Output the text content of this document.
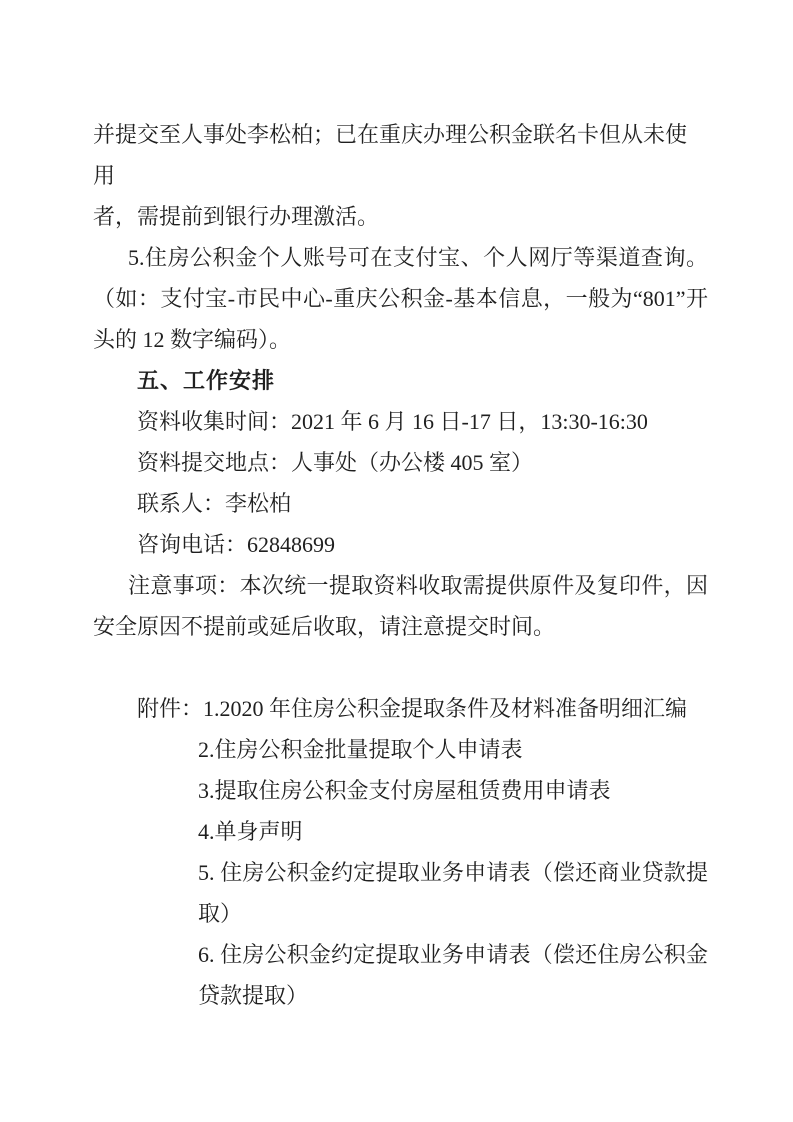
并提交至人事处李松柏；已在重庆办理公积金联名卡但从未使用

者，需提前到银行办理激活。

5.住房公积金个人账号可在支付宝、个人网厅等渠道查询。

（如：支付宝-市民中心-重庆公积金-基本信息，一般为“801”开

头的 12 数字编码）。

五、工作安排

资料收集时间：2021 年 6 月 16 日-17 日，13:30-16:30

资料提交地点：人事处（办公楼 405 室）

联系人：李松柏

咨询电话：62848699

注意事项：本次统一提取资料收取需提供原件及复印件，因

安全原因不提前或延后收取，请注意提交时间。

附件：1.2020 年住房公积金提取条件及材料准备明细汇编

2.住房公积金批量提取个人申请表

3.提取住房公积金支付房屋租赁费用申请表

4.单身声明

5. 住房公积金约定提取业务申请表（偿还商业贷款提

取）

6. 住房公积金约定提取业务申请表（偿还住房公积金

贷款提取）
